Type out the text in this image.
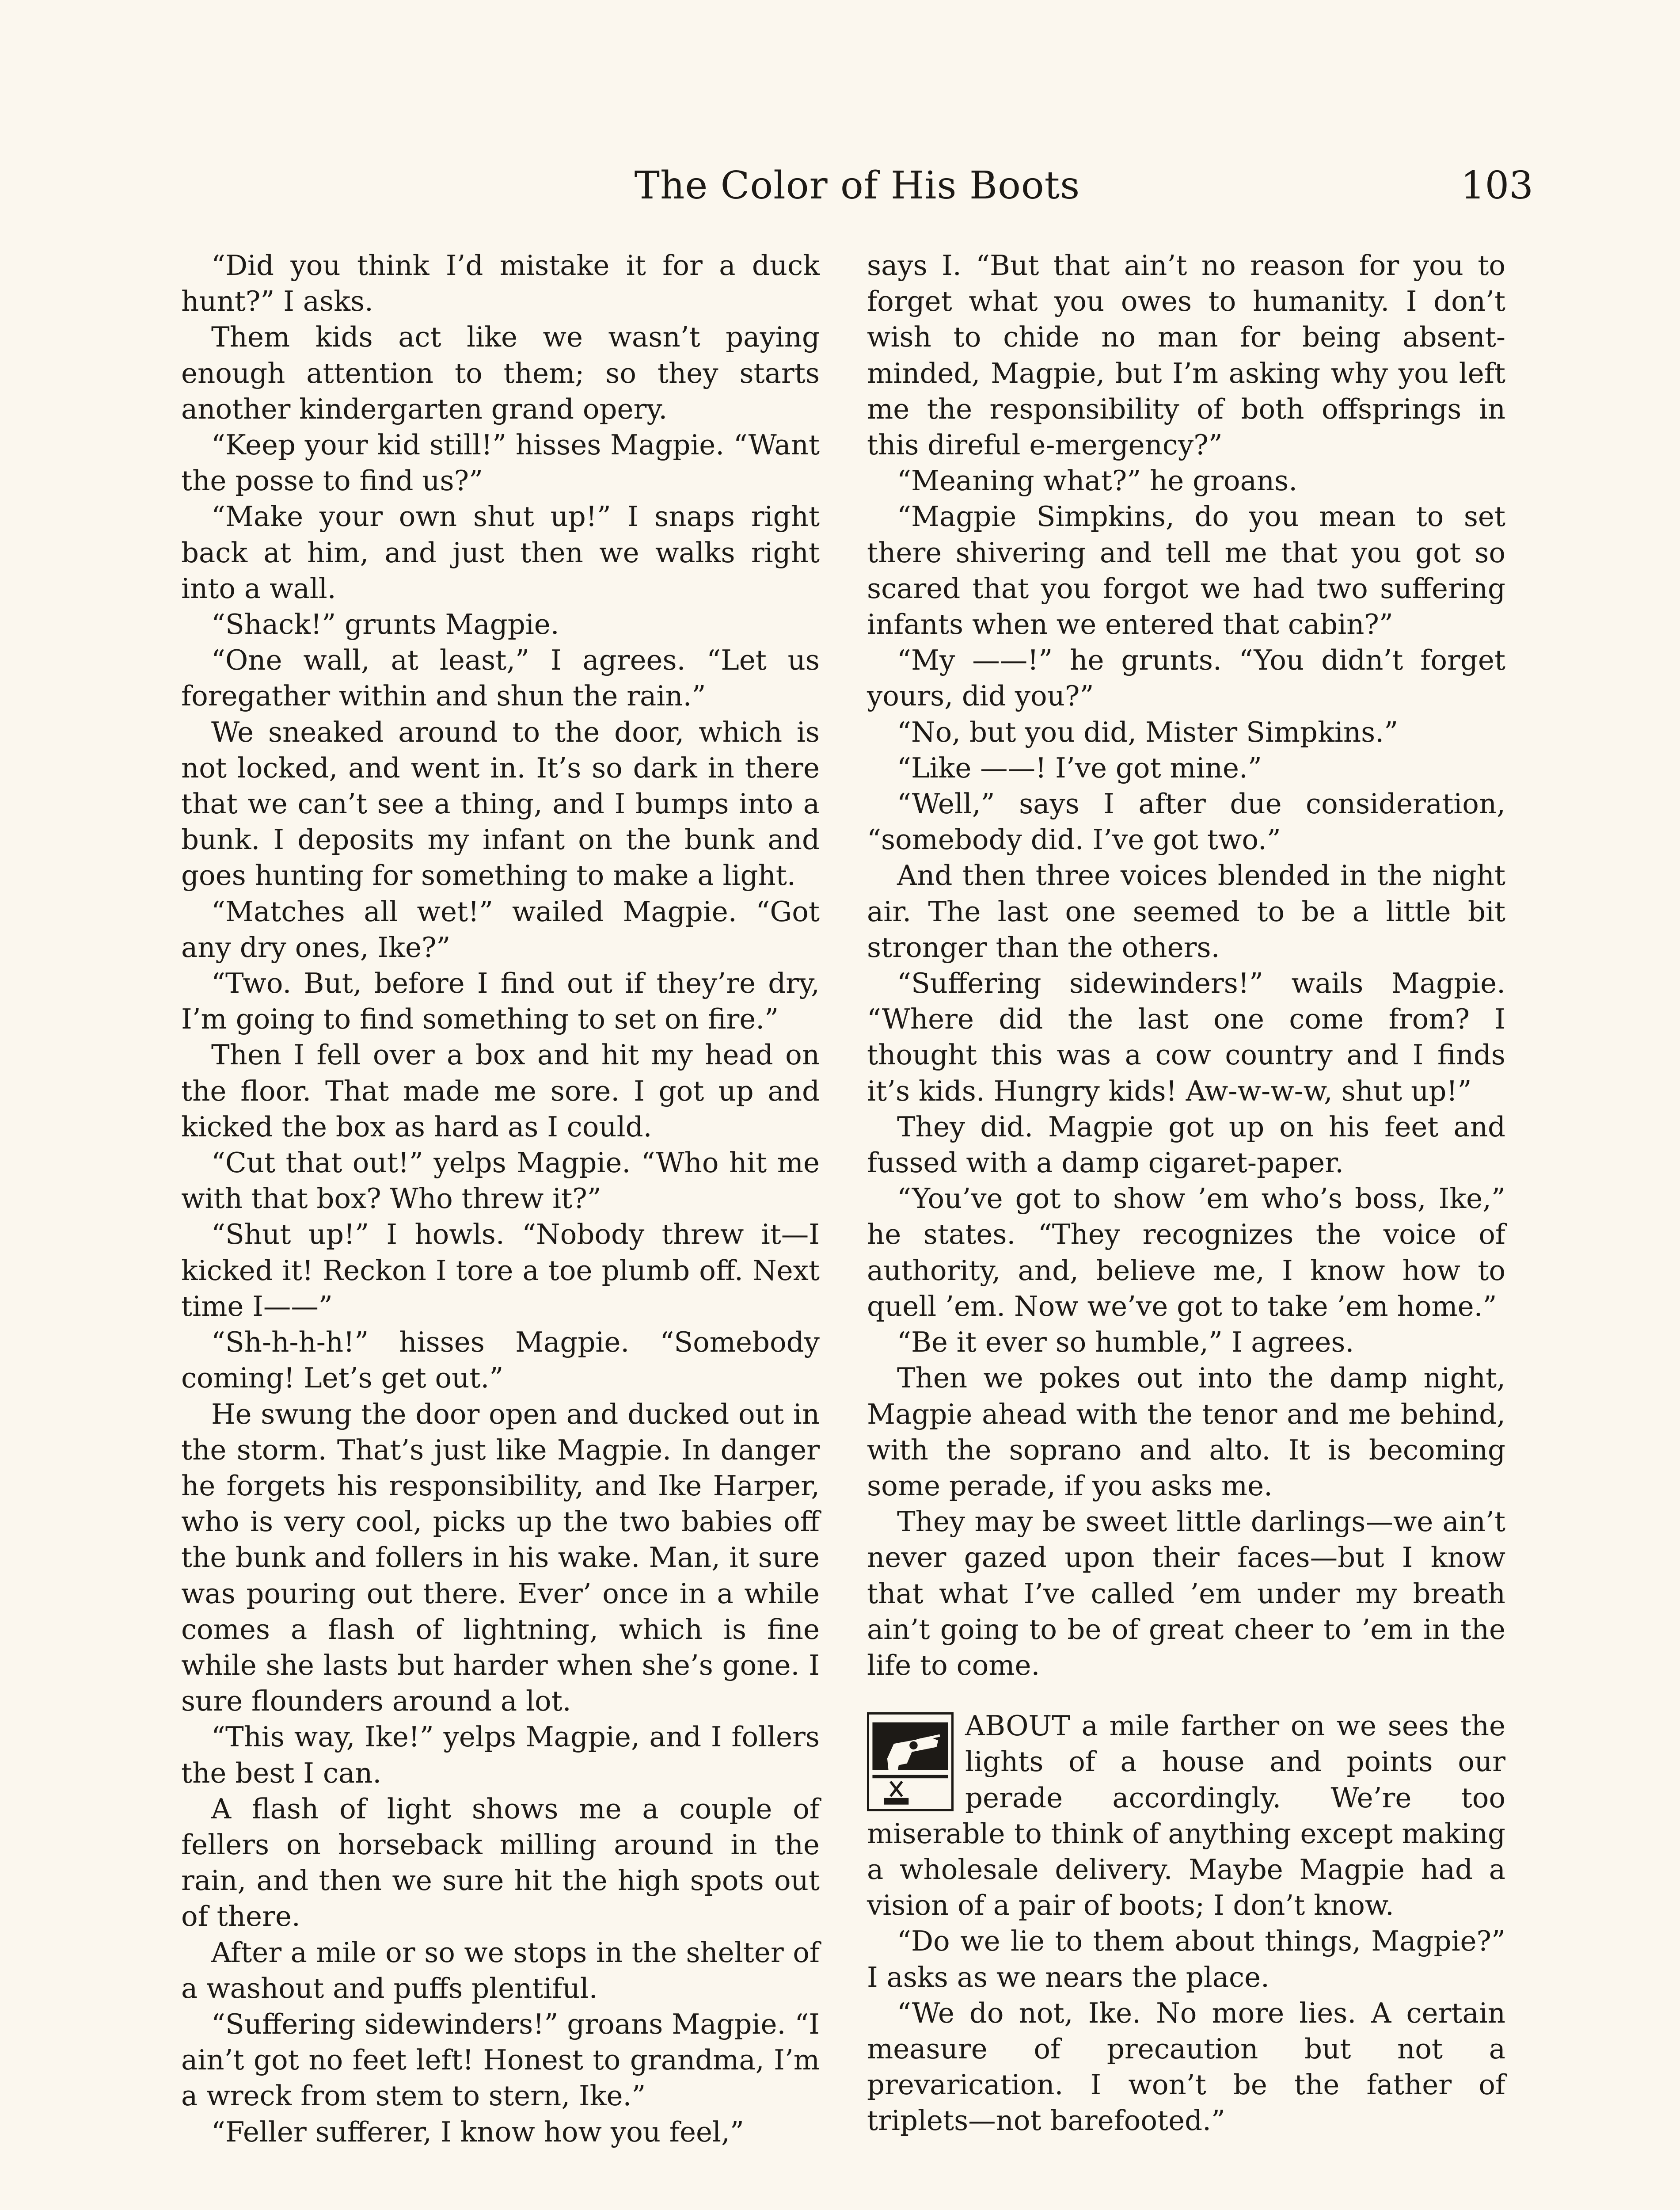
The Color of His Boots	103

“Did you think I’d mistake it for a duck hunt?” I asks.

Them kids act like we wasn’t paying enough attention to them; so they starts another kindergarten grand opery.

“Keep your kid still!” hisses Magpie. “Want the posse to find us?”

“Make your own shut up!” I snaps right back at him, and just then we walks right into a wall.

“Shack!” grunts Magpie.

“One wall, at least,” I agrees. “Let us foregather within and shun the rain.”

We sneaked around to the door, which is not locked, and went in. It’s so dark in there that we can’t see a thing, and I bumps into a bunk. I deposits my infant on the bunk and goes hunting for something to make a light.

“Matches all wet!” wailed Magpie. “Got any dry ones, Ike?”

“Two. But, before I find out if they’re dry, I’m going to find something to set on fire.”

Then I fell over a box and hit my head on the floor. That made me sore. I got up and kicked the box as hard as I could.

“Cut that out!” yelps Magpie. “Who hit me with that box? Who threw it?”

“Shut up!” I howls. “Nobody threw it—I kicked it! Reckon I tore a toe plumb off. Next time I——”

“Sh-h-h-h!” hisses Magpie. “Somebody coming! Let’s get out.”

He swung the door open and ducked out in the storm. That’s just like Magpie. In danger he forgets his responsibility, and Ike Harper, who is very cool, picks up the two babies off the bunk and follers in his wake. Man, it sure was pouring out there. Ever’ once in a while comes a flash of lightning, which is fine while she lasts but harder when she’s gone. I sure flounders around a lot.

“This way, Ike!” yelps Magpie, and I follers the best I can.

A flash of light shows me a couple of fellers on horseback milling around in the rain, and then we sure hit the high spots out of there.

After a mile or so we stops in the shelter of a washout and puffs plentiful.

“Suffering sidewinders!” groans Magpie. “I ain’t got no feet left! Honest to grandma, I’m a wreck from stem to stern, Ike.”

“Feller sufferer, I know how you feel,”

says I. “But that ain’t no reason for you to forget what you owes to humanity. I don’t wish to chide no man for being absent-minded, Magpie, but I’m asking why you left me the responsibility of both offsprings in this direful e-mergency?”

“Meaning what?” he groans.

“Magpie Simpkins, do you mean to set there shivering and tell me that you got so scared that you forgot we had two suffering infants when we entered that cabin?”

“My ——!” he grunts. “You didn’t forget yours, did you?”

“No, but you did, Mister Simpkins.”

“Like ——! I’ve got mine.”

“Well,” says I after due consideration, “somebody did. I’ve got two.”

And then three voices blended in the night air. The last one seemed to be a little bit stronger than the others.

“Suffering sidewinders!” wails Magpie. “Where did the last one come from? I thought this was a cow country and I finds it’s kids. Hungry kids! Aw-w-w-w, shut up!”

They did. Magpie got up on his feet and fussed with a damp cigaret-paper.

“You’ve got to show ’em who’s boss, Ike,” he states. “They recognizes the voice of authority, and, believe me, I know how to quell ’em. Now we’ve got to take ’em home.”

“Be it ever so humble,” I agrees.

Then we pokes out into the damp night, Magpie ahead with the tenor and me behind, with the soprano and alto. It is becoming some perade, if you asks me.

They may be sweet little darlings—we ain’t never gazed upon their faces—but I know that what I’ve called ’em under my breath ain’t going to be of great cheer to ’em in the life to come.

ABOUT a mile farther on we sees the lights of a house and points our perade accordingly. We’re too miserable to think of anything except making a wholesale delivery. Maybe Magpie had a vision of a pair of boots; I don’t know.

“Do we lie to them about things, Magpie?” I asks as we nears the place.

“We do not, Ike. No more lies. A certain measure of precaution but not a prevarication. I won’t be the father of triplets—not barefooted.”
